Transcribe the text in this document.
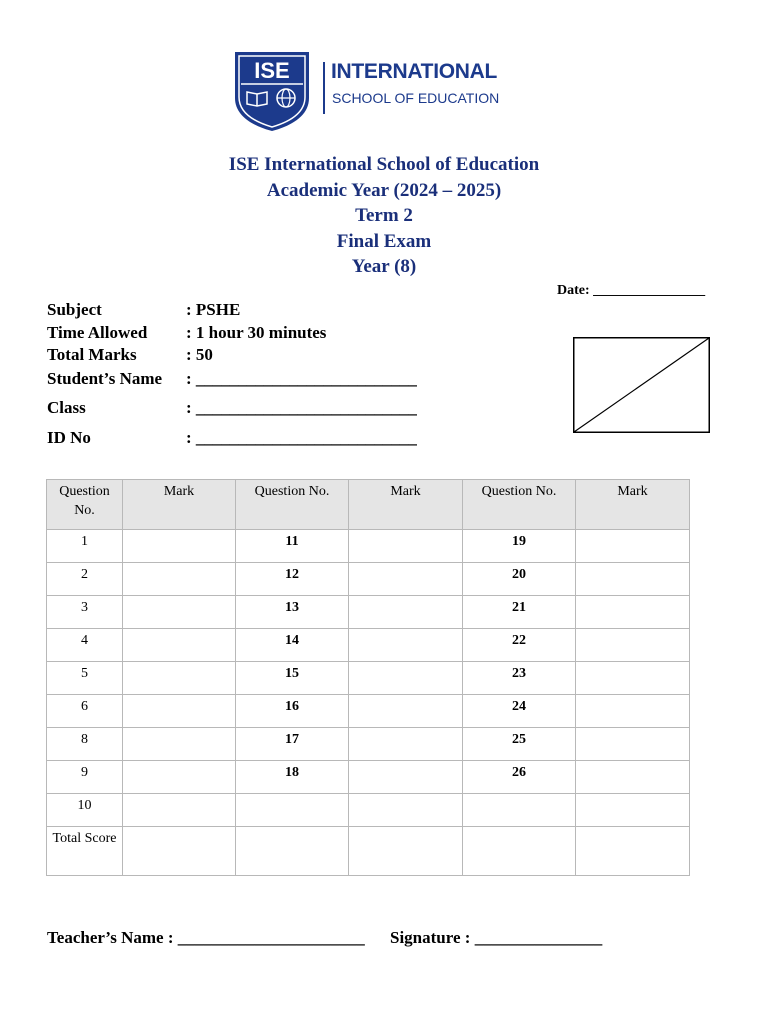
ISE INTERNATIONAL
SCHOOL OF EDUCATION
ISE International School of Education
Academic Year (2024 – 2025)
Term 2
Final Exam
Year (8)
Date: ________________
Subject	: PSHE
Time Allowed : 1 hour 30 minutes
Total Marks	: 50
Student’s Name : __________________________
Class	: __________________________
ID No	: __________________________
Question No.	Mark	Question No.	Mark	Question No.	Mark
1		11		19	
2		12		20	
3		13		21	
4		14		22	
5		15		23	
6		16		24	
8		17		25	
9		18		26	
10					
Total Score					
Teacher’s Name : ______________________ Signature : _______________
